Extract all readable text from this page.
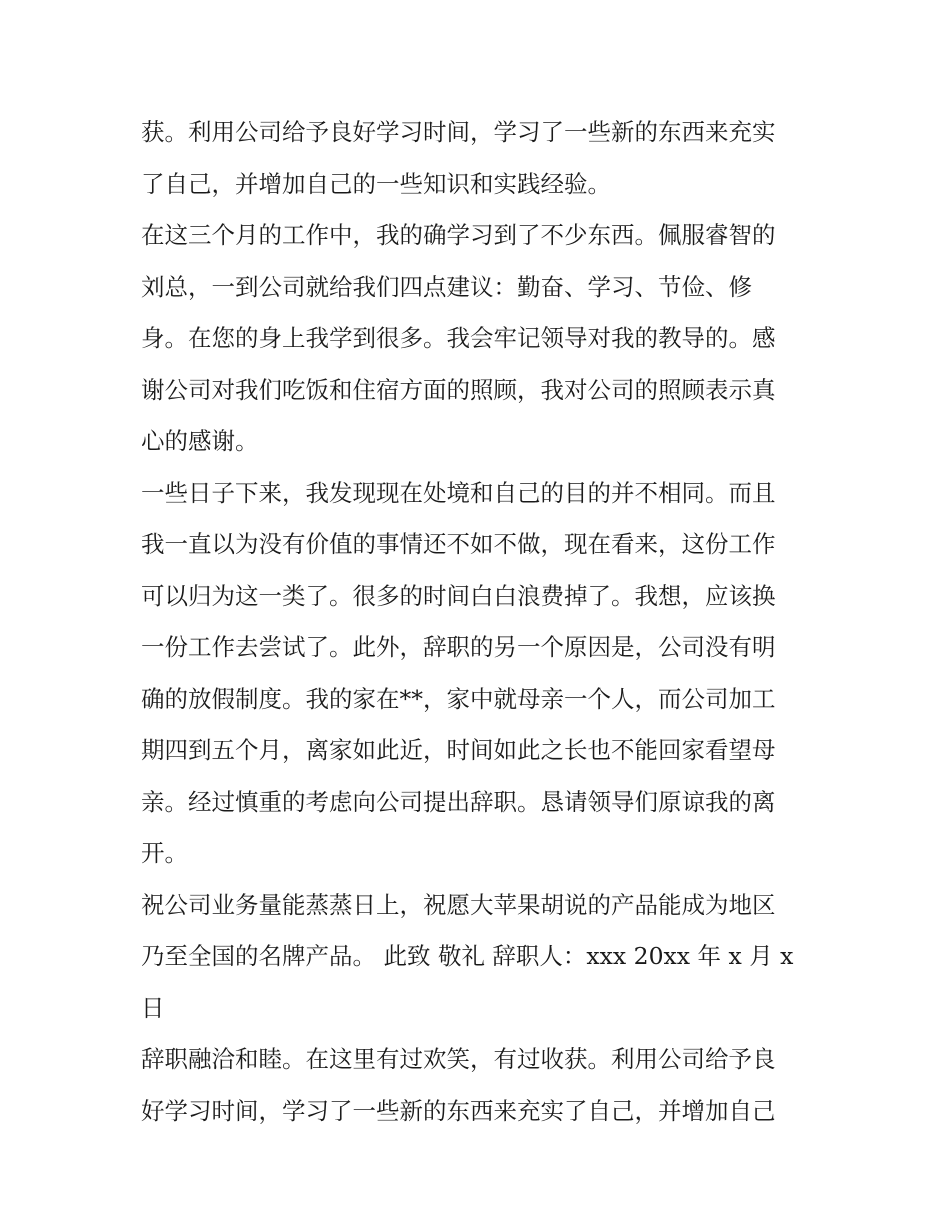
获。利用公司给予良好学习时间，学习了一些新的东西来充实
了自己，并增加自己的一些知识和实践经验。
在这三个月的工作中，我的确学习到了不少东西。佩服睿智的
刘总，一到公司就给我们四点建议：勤奋、学习、节俭、修
身。在您的身上我学到很多。我会牢记领导对我的教导的。感
谢公司对我们吃饭和住宿方面的照顾，我对公司的照顾表示真
心的感谢。
一些日子下来，我发现现在处境和自己的目的并不相同。而且
我一直以为没有价值的事情还不如不做，现在看来，这份工作
可以归为这一类了。很多的时间白白浪费掉了。我想，应该换
一份工作去尝试了。此外，辞职的另一个原因是，公司没有明
确的放假制度。我的家在**，家中就母亲一个人，而公司加工
期四到五个月，离家如此近，时间如此之长也不能回家看望母
亲。经过慎重的考虑向公司提出辞职。恳请领导们原谅我的离
开。
祝公司业务量能蒸蒸日上，祝愿大苹果胡说的产品能成为地区
乃至全国的名牌产品。 此致 敬礼 辞职人：xxx 20xx 年 x 月 x
日
辞职融洽和睦。在这里有过欢笑，有过收获。利用公司给予良
好学习时间，学习了一些新的东西来充实了自己，并增加自己
